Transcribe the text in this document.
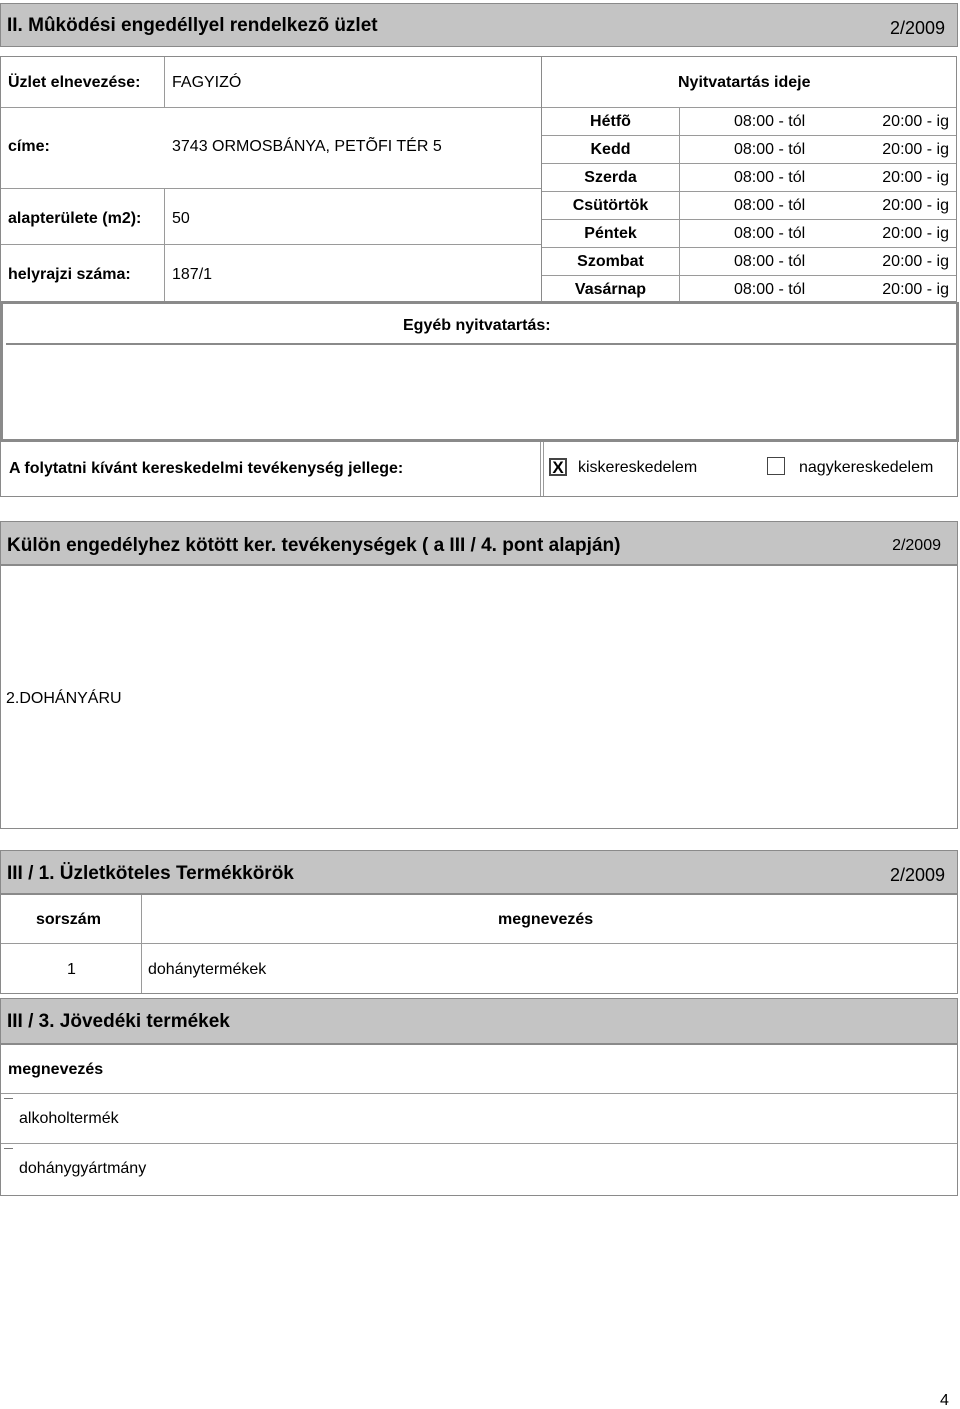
II. Mûködési engedéllyel rendelkezõ üzlet	2/2009
Üzlet elnevezése: FAGYIZÓ
címe:	3743 ORMOSBÁNYA, PETÕFI TÉR 5
alapterülete (m2): 50
helyrajzi száma:	187/1
Nyitvatartás ideje
Hétfõ	08:00 - tól	20:00 - ig
Kedd	08:00 - tól	20:00 - ig
Szerda	08:00 - tól	20:00 - ig
Csütörtök	08:00 - tól	20:00 - ig
Péntek	08:00 - tól	20:00 - ig
Szombat	08:00 - tól	20:00 - ig
Vasárnap	08:00 - tól	20:00 - ig
Egyéb nyitvatartás:
A folytatni kívánt kereskedelmi tevékenység jellege:	X kiskereskedelem	nagykereskedelem
Külön engedélyhez kötött ker. tevékenységek ( a III / 4. pont alapján)	2/2009
2.DOHÁNYÁRU
III / 1. Üzletköteles Termékkörök	2/2009
sorszám	megnevezés
1	dohánytermékek
III / 3. Jövedéki termékek
megnevezés
alkoholtermék
dohánygyártmány
4
